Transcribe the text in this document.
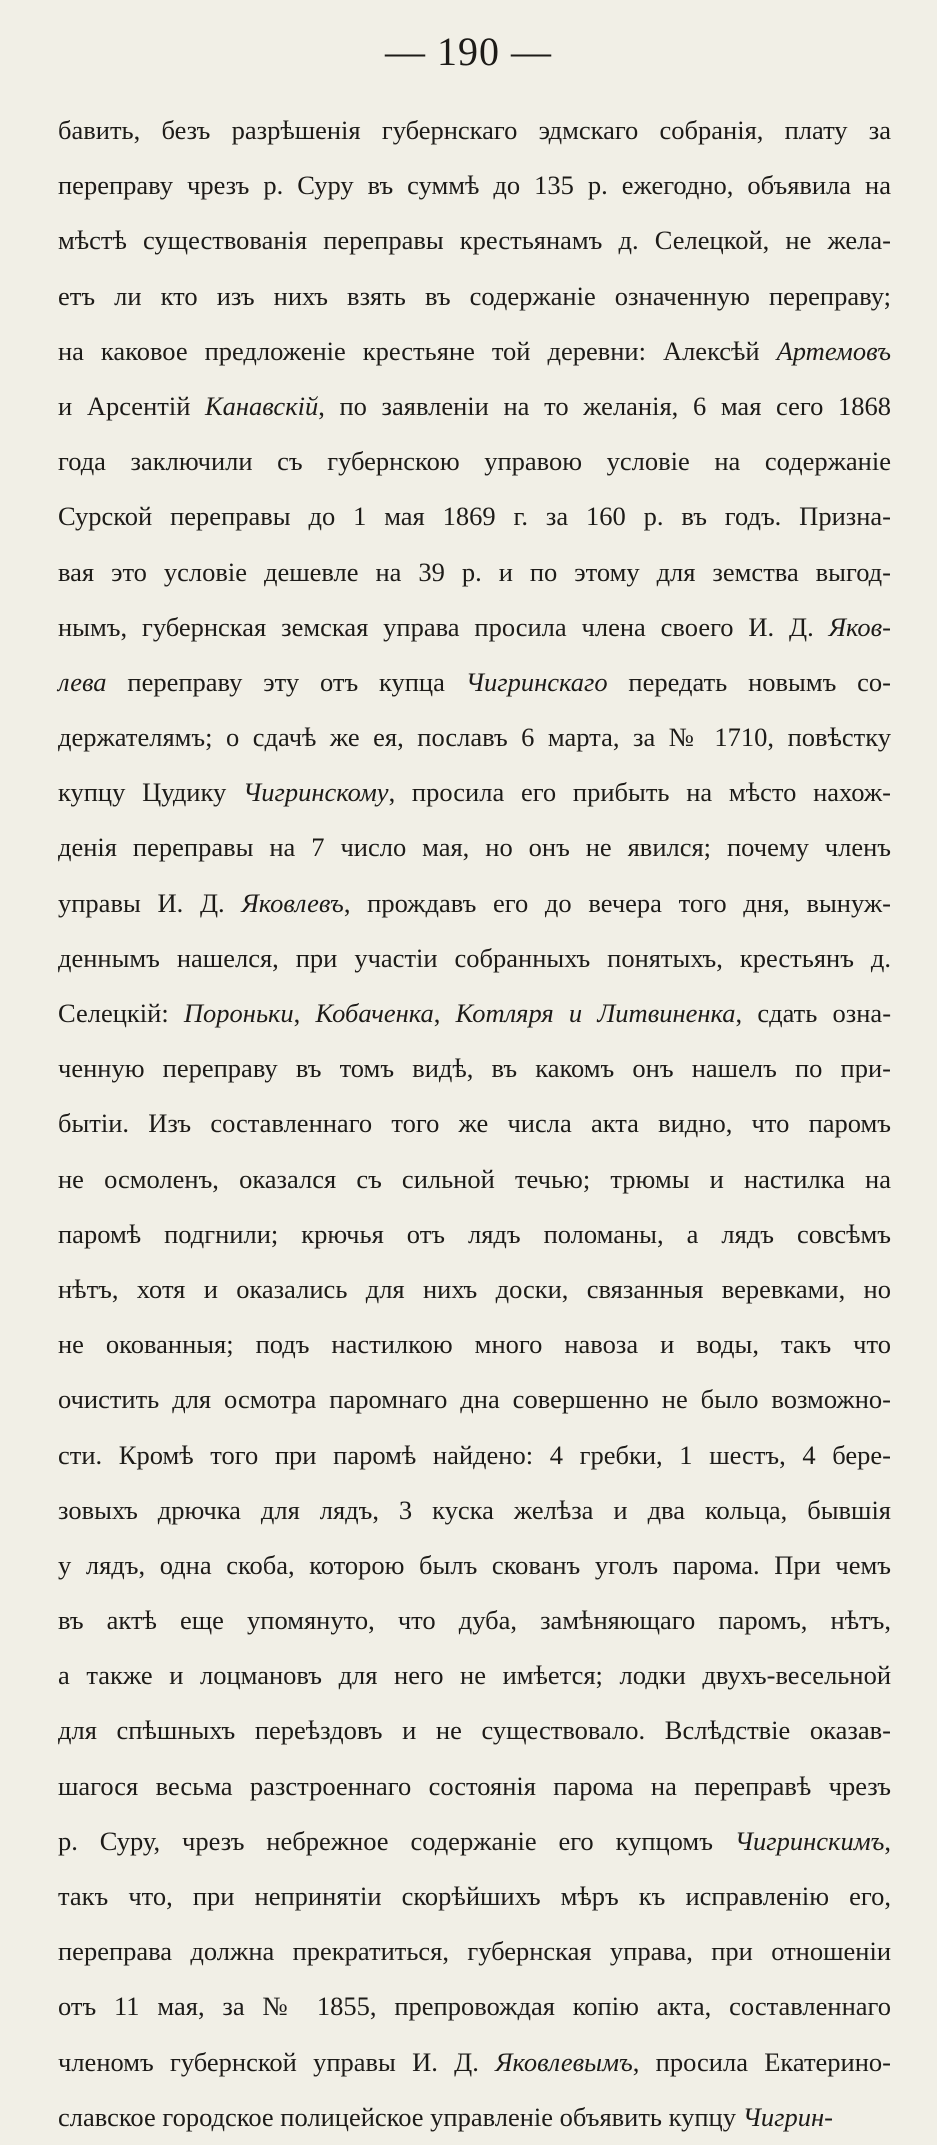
— 190 —
бавить, безъ разрѣшенія губернскаго эдмскаго собранія, плату за
переправу чрезъ р. Суру въ суммѣ до 135 р. ежегодно, объявила на
мѣстѣ существованія переправы крестьянамъ д. Селецкой, не жела-
етъ ли кто изъ нихъ взять въ содержаніе означенную переправу;
на каковое предложеніе крестьяне той деревни: Алексѣй Артемовъ
и Арсентій Канавскій, по заявленіи на то желанія, 6 мая сего 1868
года заключили съ губернскою управою условіе на содержаніе
Сурской переправы до 1 мая 1869 г. за 160 р. въ годъ. Призна-
вая это условіе дешевле на 39 р. и по этому для земства выгод-
нымъ, губернская земская управа просила члена своего И. Д. Яков-
лева переправу эту отъ купца Чигринскаго передать новымъ со-
держателямъ; о сдачѣ же ея, пославъ 6 марта, за № 1710, повѣстку
купцу Цудику Чигринскому, просила его прибыть на мѣсто нахож-
денія переправы на 7 число мая, но онъ не явился; почему членъ
управы И. Д. Яковлевъ, прождавъ его до вечера того дня, вынуж-
деннымъ нашелся, при участіи собранныхъ понятыхъ, крестьянъ д.
Селецкій: Пороньки, Кобаченка, Котляря и Литвиненка, сдать озна-
ченную переправу въ томъ видѣ, въ какомъ онъ нашелъ по при-
бытіи. Изъ составленнаго того же числа акта видно, что паромъ
не осмоленъ, оказался съ сильной течью; трюмы и настилка на
паромѣ подгнили; крючья отъ лядъ поломаны, а лядъ совсѣмъ
нѣтъ, хотя и оказались для нихъ доски, связанныя веревками, но
не окованныя; подъ настилкою много навоза и воды, такъ что
очистить для осмотра паромнаго дна совершенно не было возможно-
сти. Кромѣ того при паромѣ найдено: 4 гребки, 1 шестъ, 4 бере-
зовыхъ дрючка для лядъ, 3 куска желѣза и два кольца, бывшія
у лядъ, одна скоба, которою былъ скованъ уголъ парома. При чемъ
въ актѣ еще упомянуто, что дуба, замѣняющаго паромъ, нѣтъ,
а также и лоцмановъ для него не имѣется; лодки двухъ-весельной
для спѣшныхъ переѣздовъ и не существовало. Вслѣдствіе оказав-
шагося весьма разстроеннаго состоянія парома на переправѣ чрезъ
р. Суру, чрезъ небрежное содержаніе его купцомъ Чигринскимъ,
такъ что, при непринятіи скорѣйшихъ мѣръ къ исправленію его,
переправа должна прекратиться, губернская управа, при отношеніи
отъ 11 мая, за № 1855, препровождая копію акта, составленнаго
членомъ губернской управы И. Д. Яковлевымъ, просила Екатерино-
славское городское полицейское управленіе объявить купцу Чигрин-
